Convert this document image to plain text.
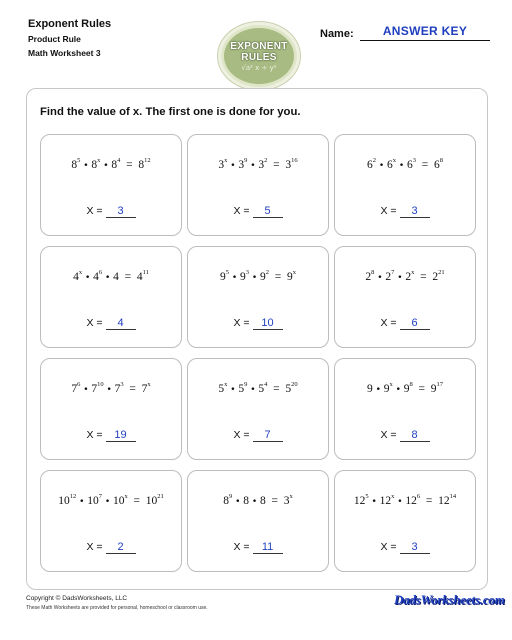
Exponent Rules
Product Rule
Math Worksheet 3
EXPONENT
RULES
√a² x ÷ y²
Name:	ANSWER KEY
Find the value of x. The first one is done for you.
$8^5$ • 8$^x$ • $8^4 = 8^{12}$
X = 3
3$^x$ • $3^9$ • $3^2 = 3^{16}$
X = 5
$6^2$ • 6$^x$ • $6^3 = 6^8$
X = 3
4$^x$ • $4^6$ • $4 = 4^{11}$
X = 4
$9^5$ • $9^3$ • $9^2 = 9^x$
X = 10
$2^8$ • $2^7$ • $2^x = 2^{21}$
X = 6
$7^6$ • $7^{10}$ • $7^3 = 7^x$
X = 19
5$^x$ • $5^9$ • $5^4 = 5^{20}$
X = 7
9 • 9$^x$ • $9^8 = 9^{17}$
X = 8
$10^{12}$ • $10^7$ • $10^x = 10^{21}$
X = 2
$8^9$ • 8 • 8  =  3$^x$
X = 11
$12^5$ • 12$^x$ • $12^6 = 12^{14}$
X = 3
Copyright © DadsWorksheets, LLC
These Math Worksheets are provided for personal, homeschool or classroom use.
DadsWorksheets.com
